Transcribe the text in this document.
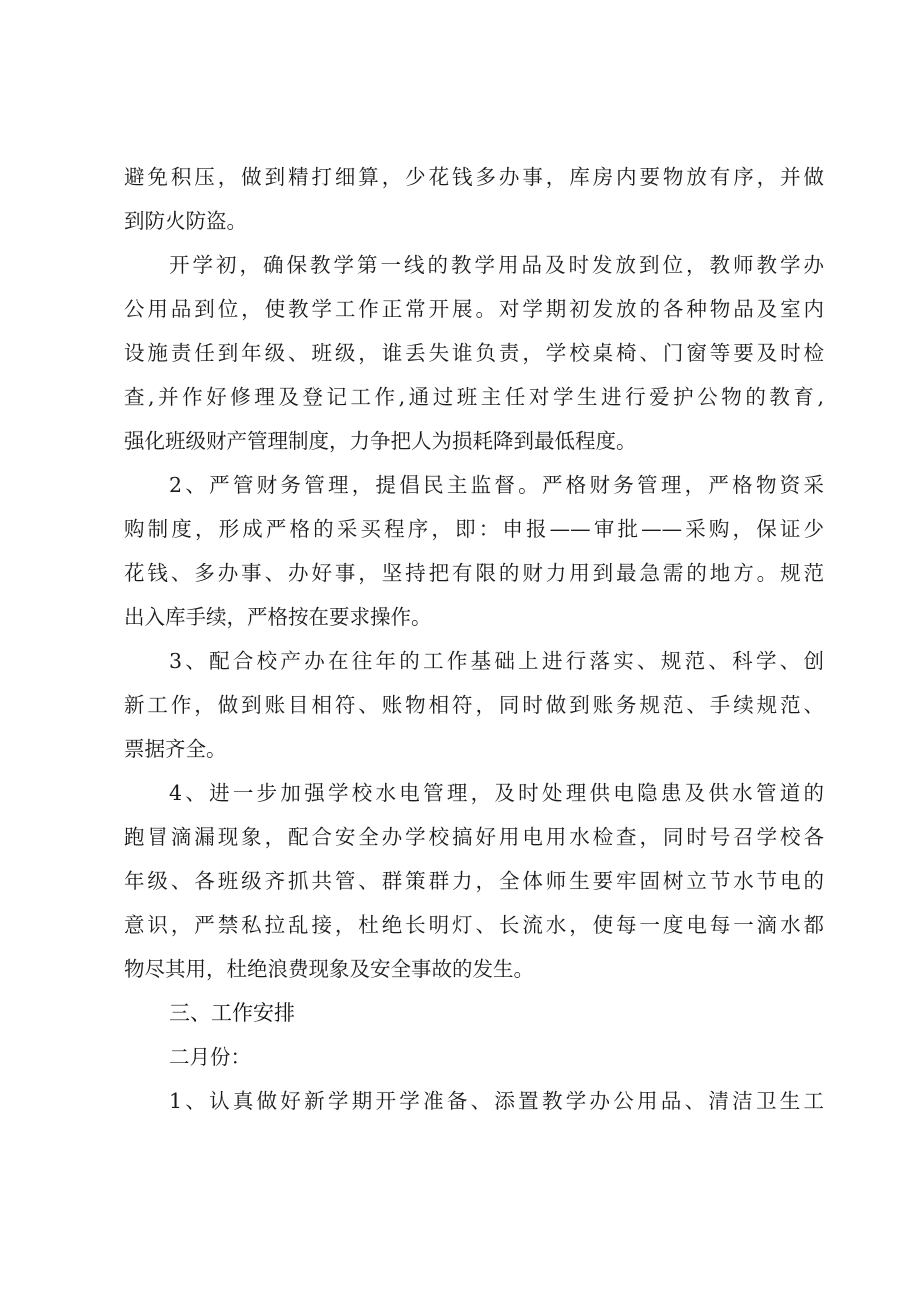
避免积压，做到精打细算，少花钱多办事，库房内要物放有序，并做
到防火防盗。
开学初，确保教学第一线的教学用品及时发放到位，教师教学办
公用品到位，使教学工作正常开展。对学期初发放的各种物品及室内
设施责任到年级、班级，谁丢失谁负责，学校桌椅、门窗等要及时检
查,并作好修理及登记工作,通过班主任对学生进行爱护公物的教育,
强化班级财产管理制度，力争把人为损耗降到最低程度。
2、严管财务管理，提倡民主监督。严格财务管理，严格物资采
购制度，形成严格的采买程序，即：申报——审批——采购，保证少
花钱、多办事、办好事，坚持把有限的财力用到最急需的地方。规范
出入库手续，严格按在要求操作。
3、配合校产办在往年的工作基础上进行落实、规范、科学、创
新工作，做到账目相符、账物相符，同时做到账务规范、手续规范、
票据齐全。
4、进一步加强学校水电管理，及时处理供电隐患及供水管道的
跑冒滴漏现象，配合安全办学校搞好用电用水检查，同时号召学校各
年级、各班级齐抓共管、群策群力，全体师生要牢固树立节水节电的
意识，严禁私拉乱接，杜绝长明灯、长流水，使每一度电每一滴水都
物尽其用，杜绝浪费现象及安全事故的发生。
三、工作安排
二月份：
1、认真做好新学期开学准备、添置教学办公用品、清洁卫生工
